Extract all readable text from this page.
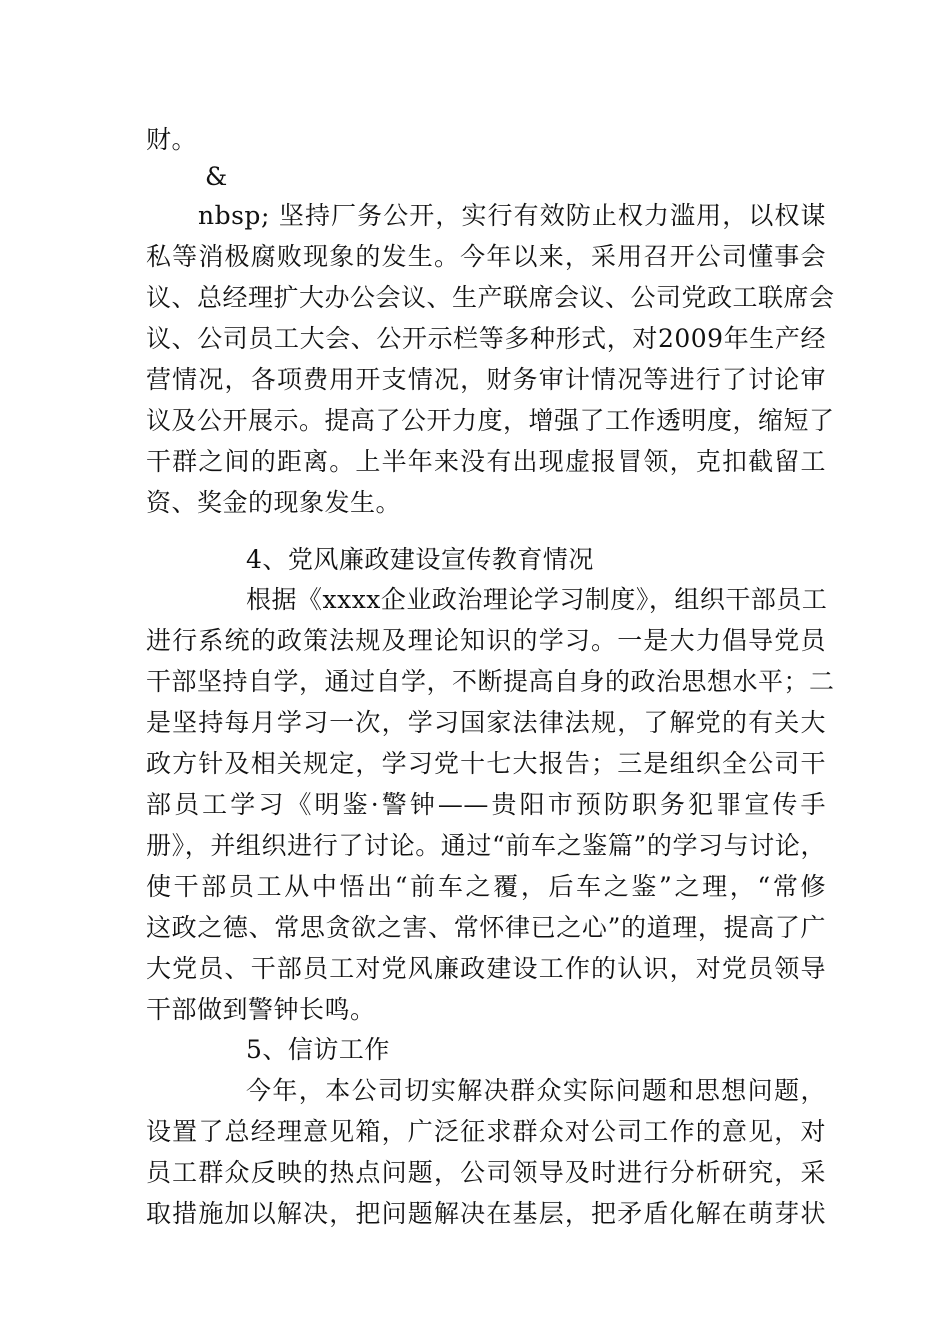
财。
&
nbsp; 坚持厂务公开，实行有效防止权力滥用，以权谋
私等消极腐败现象的发生。今年以来，采用召开公司懂事会
议、总经理扩大办公会议、生产联席会议、公司党政工联席会
议、公司员工大会、公开示栏等多种形式，对2009年生产经
营情况，各项费用开支情况，财务审计情况等进行了讨论审
议及公开展示。提高了公开力度，增强了工作透明度，缩短了
干群之间的距离。上半年来没有出现虚报冒领，克扣截留工
资、奖金的现象发生。
4、党风廉政建设宣传教育情况
根据《xxxx企业政治理论学习制度》，组织干部员工
进行系统的政策法规及理论知识的学习。一是大力倡导党员
干部坚持自学，通过自学，不断提高自身的政治思想水平；二
是坚持每月学习一次，学习国家法律法规，了解党的有关大
政方针及相关规定，学习党十七大报告；三是组织全公司干
部员工学习《明鉴·警钟——贵阳市预防职务犯罪宣传手
册》，并组织进行了讨论。通过“前车之鉴篇”的学习与讨论，
使干部员工从中悟出“前车之覆，后车之鉴”之理，“常修
这政之德、常思贪欲之害、常怀律已之心”的道理，提高了广
大党员、干部员工对党风廉政建设工作的认识，对党员领导
干部做到警钟长鸣。
5、信访工作
今年，本公司切实解决群众实际问题和思想问题，
设置了总经理意见箱，广泛征求群众对公司工作的意见，对
员工群众反映的热点问题，公司领导及时进行分析研究，采
取措施加以解决，把问题解决在基层，把矛盾化解在萌芽状
